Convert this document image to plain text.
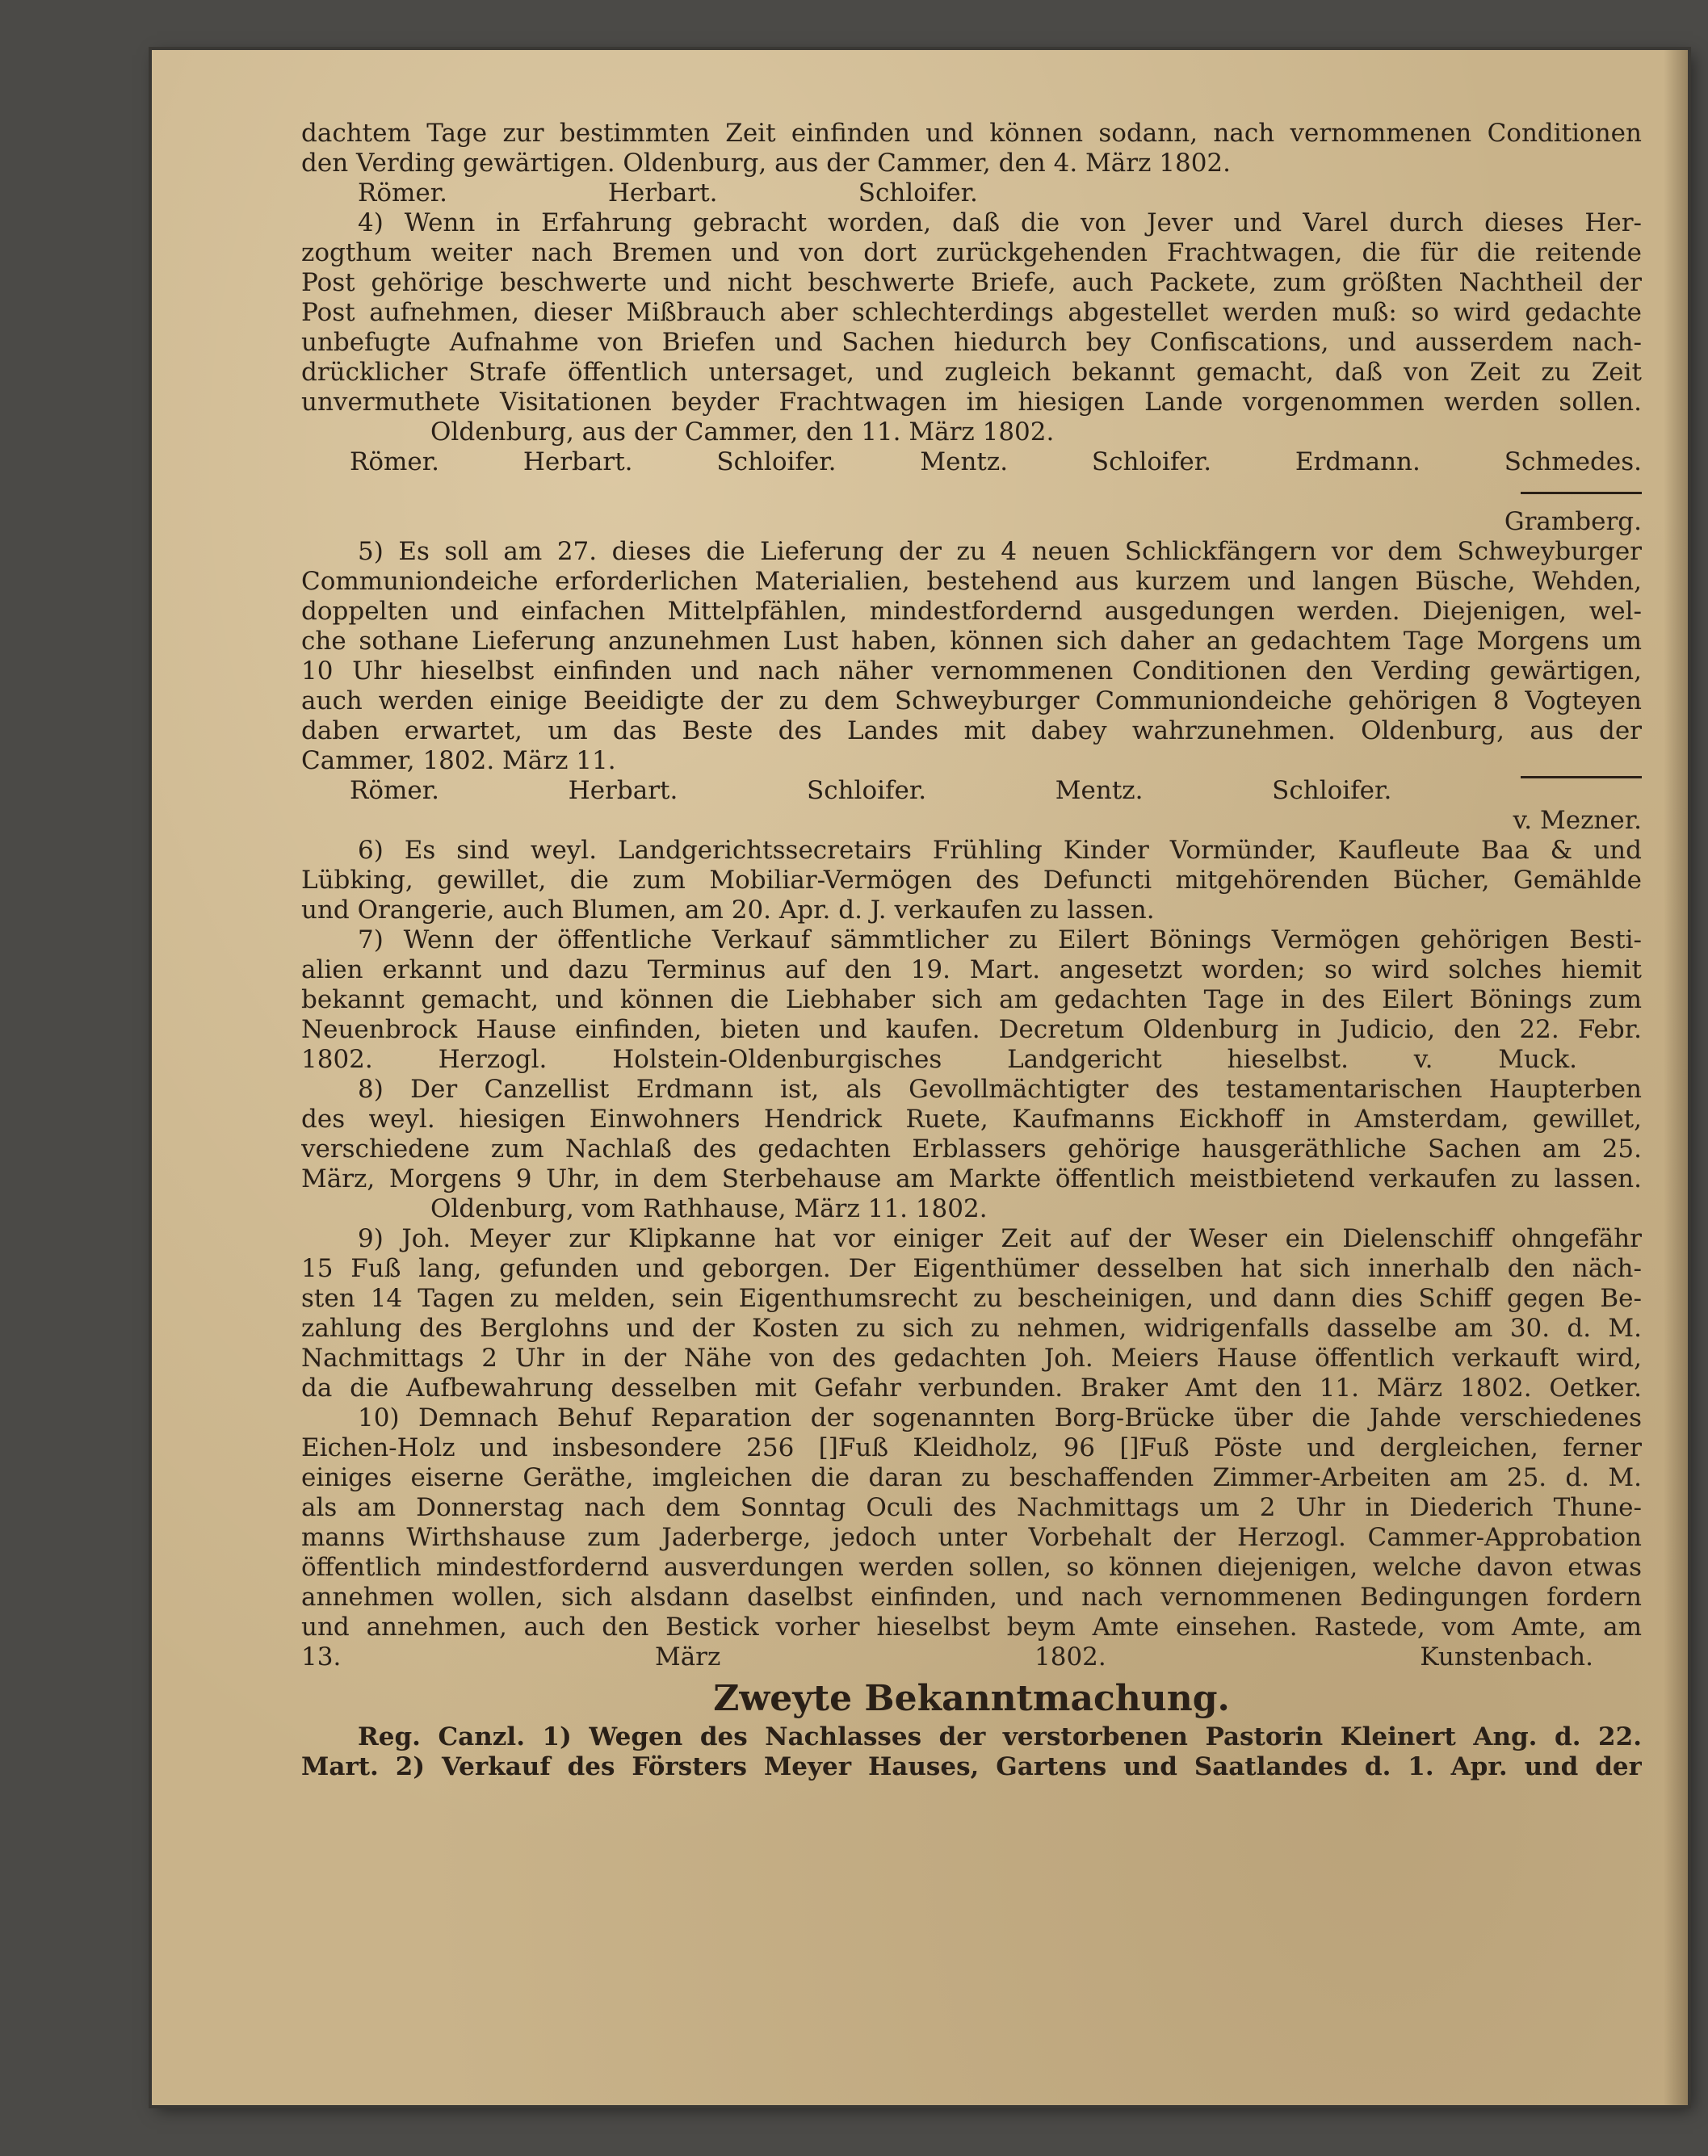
dachtem Tage zur bestimmten Zeit einfinden und können sodann, nach vernommenen Conditionen
den Verding gewärtigen. Oldenburg, aus der Cammer, den 4. März 1802.
Römer.	Herbart.	Schloifer.
4) Wenn in Erfahrung gebracht worden, daß die von Jever und Varel durch dieses Her-
zogthum weiter nach Bremen und von dort zurückgehenden Frachtwagen, die für die reitende
Post gehörige beschwerte und nicht beschwerte Briefe, auch Packete, zum größten Nachtheil der
Post aufnehmen, dieser Mißbrauch aber schlechterdings abgestellet werden muß: so wird gedachte
unbefugte Aufnahme von Briefen und Sachen hiedurch bey Confiscations, und ausserdem nach-
drücklicher Strafe öffentlich untersaget, und zugleich bekannt gemacht, daß von Zeit zu Zeit
unvermuthete Visitationen beyder Frachtwagen im hiesigen Lande vorgenommen werden sollen.
Oldenburg, aus der Cammer, den 11. März 1802.
Römer.	Herbart.	Schloifer.	Mentz.	Schloifer.	Erdmann.	Schmedes.
Gramberg.
5) Es soll am 27. dieses die Lieferung der zu 4 neuen Schlickfängern vor dem Schweyburger
Communiondeiche erforderlichen Materialien, bestehend aus kurzem und langen Büsche, Wehden,
doppelten und einfachen Mittelpfählen, mindestfordernd ausgedungen werden. Diejenigen, wel-
che sothane Lieferung anzunehmen Lust haben, können sich daher an gedachtem Tage Morgens um
10 Uhr hieselbst einfinden und nach näher vernommenen Conditionen den Verding gewärtigen,
auch werden einige Beeidigte der zu dem Schweyburger Communiondeiche gehörigen 8 Vogteyen
daben erwartet, um das Beste des Landes mit dabey wahrzunehmen. Oldenburg, aus der
Cammer, 1802. März 11.
Römer.	Herbart.	Schloifer.	Mentz.	Schloifer.
v. Mezner.
6) Es sind weyl. Landgerichtssecretairs Frühling Kinder Vormünder, Kaufleute Baa & und
Lübking, gewillet, die zum Mobiliar-Vermögen des Defuncti mitgehörenden Bücher, Gemählde
und Orangerie, auch Blumen, am 20. Apr. d. J. verkaufen zu lassen.
7) Wenn der öffentliche Verkauf sämmtlicher zu Eilert Bönings Vermögen gehörigen Besti-
alien erkannt und dazu Terminus auf den 19. Mart. angesetzt worden; so wird solches hiemit
bekannt gemacht, und können die Liebhaber sich am gedachten Tage in des Eilert Bönings zum
Neuenbrock Hause einfinden, bieten und kaufen. Decretum Oldenburg in Judicio, den 22. Febr.
1802. Herzogl. Holstein-Oldenburgisches Landgericht hieselbst. v. Muck.
8) Der Canzellist Erdmann ist, als Gevollmächtigter des testamentarischen Haupterben
des weyl. hiesigen Einwohners Hendrick Ruete, Kaufmanns Eickhoff in Amsterdam, gewillet,
verschiedene zum Nachlaß des gedachten Erblassers gehörige hausgeräthliche Sachen am 25.
März, Morgens 9 Uhr, in dem Sterbehause am Markte öffentlich meistbietend verkaufen zu lassen.
Oldenburg, vom Rathhause, März 11. 1802.
9) Joh. Meyer zur Klipkanne hat vor einiger Zeit auf der Weser ein Dielenschiff ohngefähr
15 Fuß lang, gefunden und geborgen. Der Eigenthümer desselben hat sich innerhalb den näch-
sten 14 Tagen zu melden, sein Eigenthumsrecht zu bescheinigen, und dann dies Schiff gegen Be-
zahlung des Berglohns und der Kosten zu sich zu nehmen, widrigenfalls dasselbe am 30. d. M.
Nachmittags 2 Uhr in der Nähe von des gedachten Joh. Meiers Hause öffentlich verkauft wird,
da die Aufbewahrung desselben mit Gefahr verbunden. Braker Amt den 11. März 1802. Oetker.
10) Demnach Behuf Reparation der sogenannten Borg-Brücke über die Jahde verschiedenes
Eichen-Holz und insbesondere 256 []Fuß Kleidholz, 96 []Fuß Pöste und dergleichen, ferner
einiges eiserne Geräthe, imgleichen die daran zu beschaffenden Zimmer-Arbeiten am 25. d. M.
als am Donnerstag nach dem Sonntag Oculi des Nachmittags um 2 Uhr in Diederich Thune-
manns Wirthshause zum Jaderberge, jedoch unter Vorbehalt der Herzogl. Cammer-Approbation
öffentlich mindestfordernd ausverdungen werden sollen, so können diejenigen, welche davon etwas
annehmen wollen, sich alsdann daselbst einfinden, und nach vernommenen Bedingungen fordern
und annehmen, auch den Bestick vorher hieselbst beym Amte einsehen. Rastede, vom Amte, am
13. März 1802. Kunstenbach.
Zweyte Bekanntmachung.
Reg. Canzl. 1) Wegen des Nachlasses der verstorbenen Pastorin Kleinert Ang. d. 22.
Mart. 2) Verkauf des Försters Meyer Hauses, Gartens und Saatlandes d. 1. Apr. und der
